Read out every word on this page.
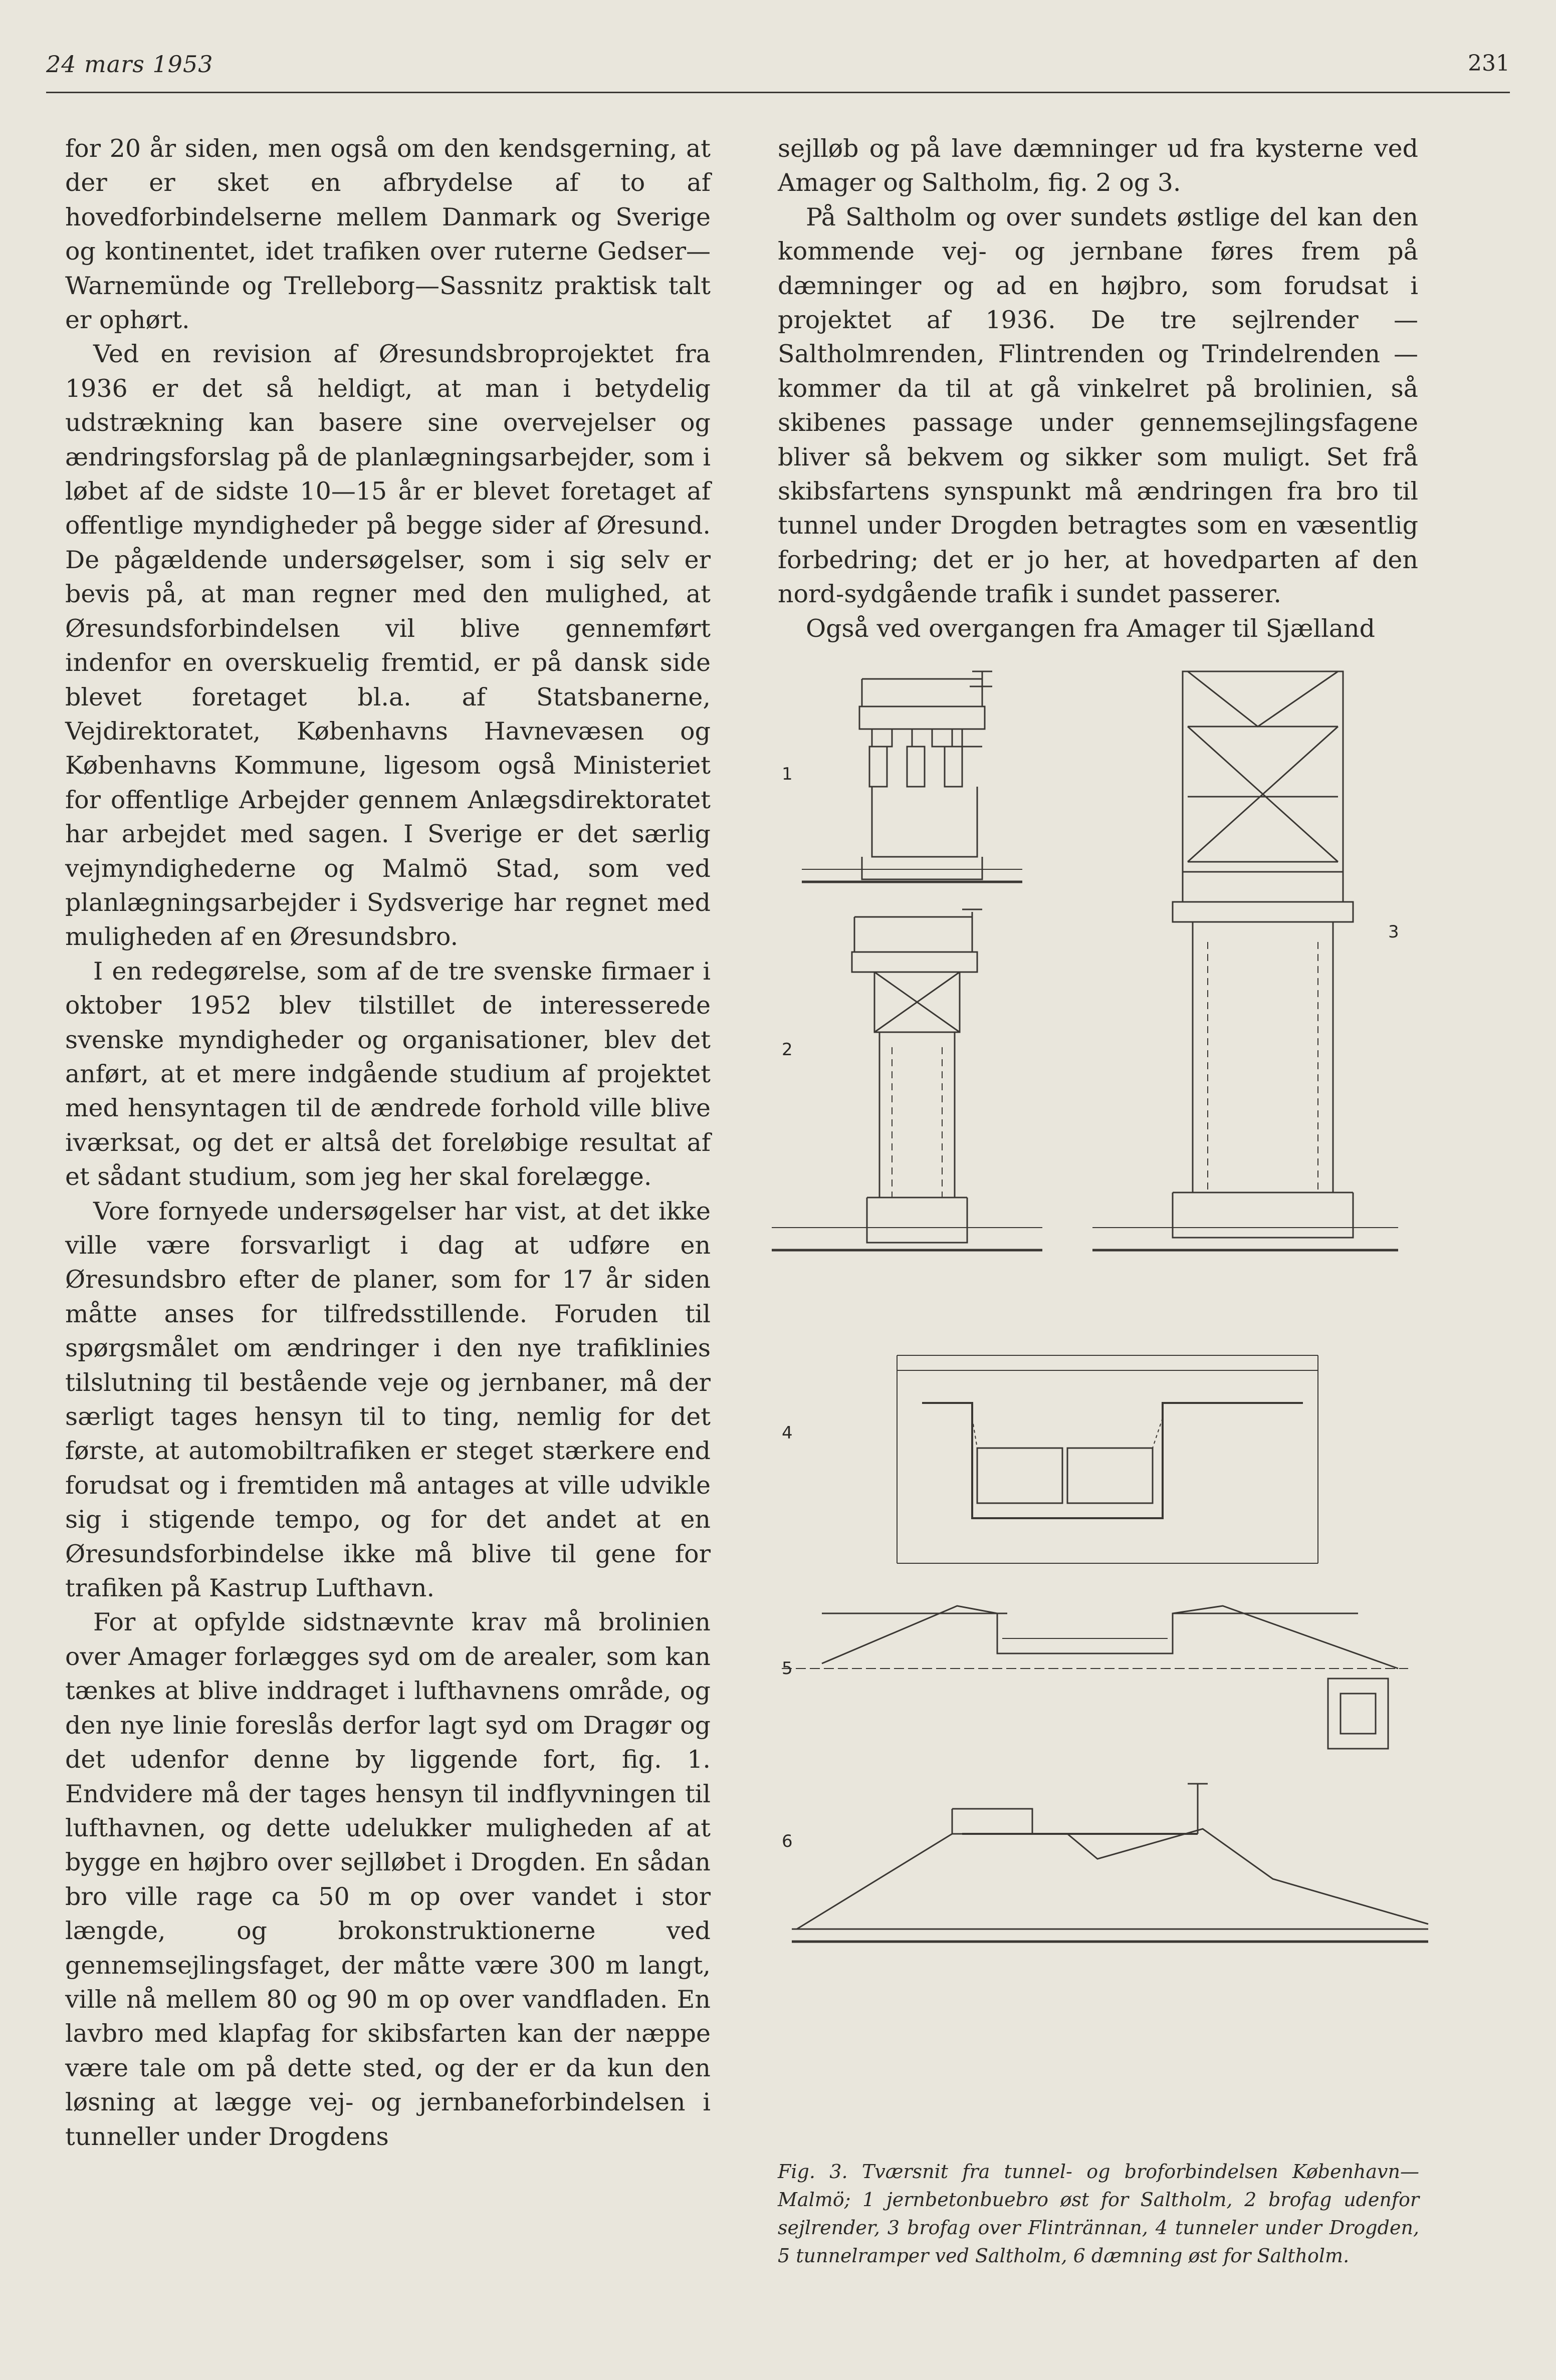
24 mars 1953	231

for 20 år siden, men også om den kendsgerning, at der er sket en afbrydelse af to af hovedforbindelserne mellem Danmark og Sverige og kontinentet, idet trafiken over ruterne Gedser—Warnemünde og Trelleborg—Sassnitz praktisk talt er ophørt.

Ved en revision af Øresundsbroprojektet fra 1936 er det så heldigt, at man i betydelig udstrækning kan basere sine overvejelser og ændringsforslag på de planlægningsarbejder, som i løbet af de sidste 10—15 år er blevet foretaget af offentlige myndigheder på begge sider af Øresund. De pågældende undersøgelser, som i sig selv er bevis på, at man regner med den mulighed, at Øresundsforbindelsen vil blive gennemført indenfor en overskuelig fremtid, er på dansk side blevet foretaget bl.a. af Statsbanerne, Vejdirektoratet, Københavns Havnevæsen og Københavns Kommune, ligesom også Ministeriet for offentlige Arbejder gennem Anlægsdirektoratet har arbejdet med sagen. I Sverige er det særlig vejmyndighederne og Malmö Stad, som ved planlægningsarbejder i Sydsverige har regnet med muligheden af en Øresundsbro.

I en redegørelse, som af de tre svenske firmaer i oktober 1952 blev tilstillet de interesserede svenske myndigheder og organisationer, blev det anført, at et mere indgående studium af projektet med hensyntagen til de ændrede forhold ville blive iværksat, og det er altså det foreløbige resultat af et sådant studium, som jeg her skal forelægge.

Vore fornyede undersøgelser har vist, at det ikke ville være forsvarligt i dag at udføre en Øresundsbro efter de planer, som for 17 år siden måtte anses for tilfredsstillende. Foruden til spørgsmålet om ændringer i den nye trafiklinies tilslutning til bestående veje og jernbaner, må der særligt tages hensyn til to ting, nemlig for det første, at automobiltrafiken er steget stærkere end forudsat og i fremtiden må antages at ville udvikle sig i stigende tempo, og for det andet at en Øresundsforbindelse ikke må blive til gene for trafiken på Kastrup Lufthavn.

For at opfylde sidstnævnte krav må brolinien over Amager forlægges syd om de arealer, som kan tænkes at blive inddraget i lufthavnens område, og den nye linie foreslås derfor lagt syd om Dragør og det udenfor denne by liggende fort, fig. 1. Endvidere må der tages hensyn til indflyvningen til lufthavnen, og dette udelukker muligheden af at bygge en højbro over sejlløbet i Drogden. En sådan bro ville rage ca 50 m op over vandet i stor længde, og brokonstruktionerne ved gennemsejlingsfaget, der måtte være 300 m langt, ville nå mellem 80 og 90 m op over vandfladen. En lavbro med klapfag for skibsfarten kan der næppe være tale om på dette sted, og der er da kun den løsning at lægge vej- og jernbaneforbindelsen i tunneller under Drogdens

sejlløb og på lave dæmninger ud fra kysterne ved Amager og Saltholm, fig. 2 og 3.

På Saltholm og over sundets østlige del kan den kommende vej- og jernbane føres frem på dæmninger og ad en højbro, som forudsat i projektet af 1936. De tre sejlrender — Saltholmrenden, Flintrenden og Trindelrenden — kommer da til at gå vinkelret på brolinien, så skibenes passage under gennemsejlingsfagene bliver så bekvem og sikker som muligt. Set frå skibsfartens synspunkt må ændringen fra bro til tunnel under Drogden betragtes som en væsentlig forbedring; det er jo her, at hovedparten af den nord-sydgående trafik i sundet passerer.

Også ved overgangen fra Amager til Sjælland

1
2
3
4
5
6
Fig. 3. Tværsnit fra tunnel- og broforbindelsen København—Malmö; 1 jernbetonbuebro øst for Saltholm, 2 brofag udenfor sejlrender, 3 brofag over Flintrännan, 4 tunneler under Drogden, 5 tunnelramper ved Saltholm, 6 dæmning øst for Saltholm.
